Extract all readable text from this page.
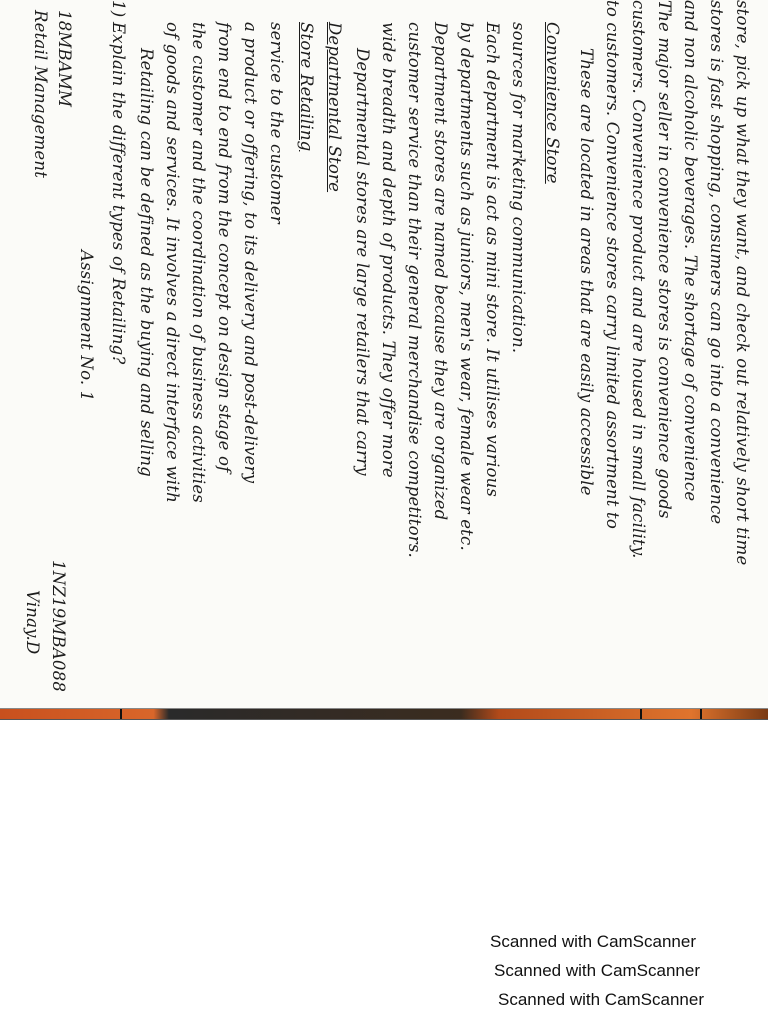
Retail Management 18MBAMM
Vinay.D 1NZ19MBA088
Assignment No. 1
1)
Explain the different types of Retailing? Retailing can be defined as the buying and selling of goods and services. It involves a direct interface with the customer and the coordination of business activities from end to end from the concept on design stage of a product or offering, to its delivery and post-delivery service to the customer Store Retailing Departmental Store Departmental stores are large retailers that carry wide breadth and depth of products. They offer more customer service than their general merchandise competitors. Department stores are named because they are organized by departments such as juniors, men's wear, female wear etc. Each department is act as mini store. It utilises various sources for marketing communication. Convenience Store These are located in areas that are easily accessible to customers. Convenience stores carry limited assortment to customers. Convenience product and are housed in small facility. The major seller in convenience stores is convenience goods and non alcoholic beverages. The shortage of convenience stores is fast shopping, consumers can go into a convenience store, pick up what they want, and check out relatively short time
Scanned with CamScanner
Scanned with CamScanner
Scanned with CamScanner
